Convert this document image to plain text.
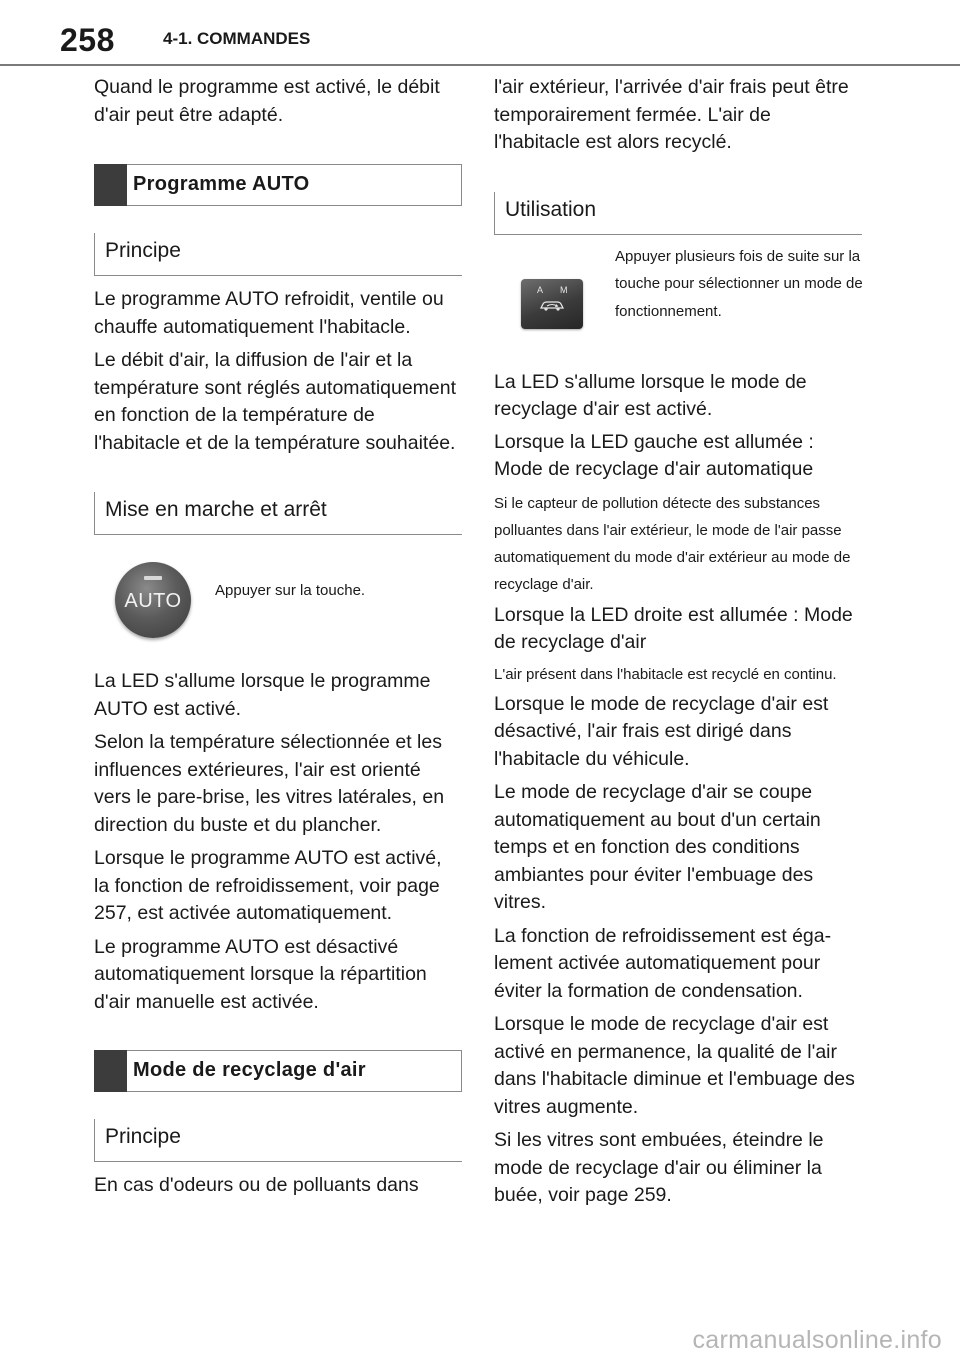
258	4-1. COMMANDES

Quand le programme est activé, le débit d'air peut être adapté.

Programme AUTO
Principe

Le programme AUTO refroidit, ventile ou chauffe automatiquement l'habitacle.

Le débit d'air, la diffusion de l'air et la température sont réglés automatiquement en fonction de la température de l'habitacle et de la température souhaitée.

Mise en marche et arrêt
AUTO	Appuyer sur la touche.

La LED s'allume lorsque le programme AUTO est activé.

Selon la température sélectionnée et les influences extérieures, l'air est orienté vers le pare-brise, les vitres latérales, en direction du buste et du plancher.

Lorsque le programme AUTO est activé, la fonction de refroidissement, voir page 257, est activée automatiquement.

Le programme AUTO est désactivé automatiquement lorsque la répartition d'air manuelle est activée.

Mode de recyclage d'air
Principe

En cas d'odeurs ou de polluants dans

l'air extérieur, l'arrivée d'air frais peut être temporairement fermée. L'air de l'habitacle est alors recyclé.

Utilisation
A M
Appuyer plusieurs fois de suite sur la touche pour sélectionner un mode de fonctionnement.

La LED s'allume lorsque le mode de recyclage d'air est activé.

Lorsque la LED gauche est allumée : Mode de recyclage d'air automatique

Si le capteur de pollution détecte des substances polluantes dans l'air extérieur, le mode de l'air passe automatiquement du mode d'air extérieur au mode de recyclage d'air.

Lorsque la LED droite est allumée : Mode de recyclage d'air

L'air présent dans l'habitacle est recyclé en continu.

Lorsque le mode de recyclage d'air est désactivé, l'air frais est dirigé dans l'habitacle du véhicule.

Le mode de recyclage d'air se coupe automatiquement au bout d'un certain temps et en fonction des conditions ambiantes pour éviter l'embuage des vitres.

La fonction de refroidissement est également activée automatiquement pour éviter la formation de condensation.

Lorsque le mode de recyclage d'air est activé en permanence, la qualité de l'air dans l'habitacle diminue et l'embuage des vitres augmente.

Si les vitres sont embuées, éteindre le mode de recyclage d'air ou éliminer la buée, voir page 259.

carmanualsonline.info
